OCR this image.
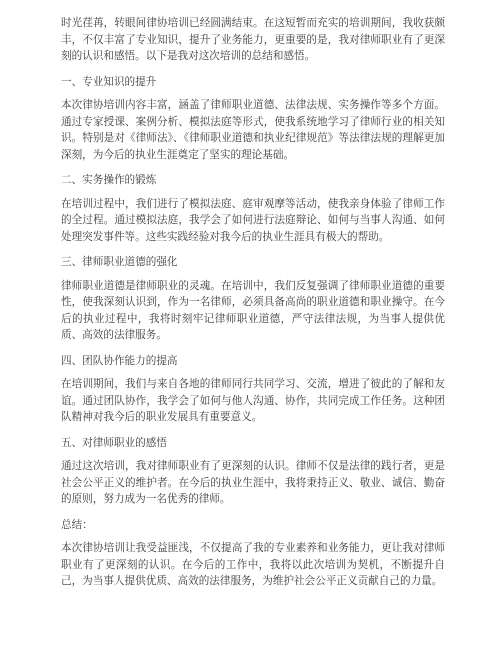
时光荏苒，转眼间律协培训已经圆满结束。在这短暂而充实的培训期间，我收获颇丰，不仅丰富了专业知识，提升了业务能力，更重要的是，我对律师职业有了更深刻的认识和感悟。以下是我对这次培训的总结和感悟。

一、专业知识的提升

本次律协培训内容丰富，涵盖了律师职业道德、法律法规、实务操作等多个方面。通过专家授课、案例分析、模拟法庭等形式，使我系统地学习了律师行业的相关知识。特别是对《律师法》、《律师职业道德和执业纪律规范》等法律法规的理解更加深刻，为今后的执业生涯奠定了坚实的理论基础。

二、实务操作的锻炼

在培训过程中，我们进行了模拟法庭、庭审观摩等活动，使我亲身体验了律师工作的全过程。通过模拟法庭，我学会了如何进行法庭辩论、如何与当事人沟通、如何处理突发事件等。这些实践经验对我今后的执业生涯具有极大的帮助。

三、律师职业道德的强化

律师职业道德是律师职业的灵魂。在培训中，我们反复强调了律师职业道德的重要性，使我深刻认识到，作为一名律师，必须具备高尚的职业道德和职业操守。在今后的执业过程中，我将时刻牢记律师职业道德，严守法律法规，为当事人提供优质、高效的法律服务。

四、团队协作能力的提高

在培训期间，我们与来自各地的律师同行共同学习、交流，增进了彼此的了解和友谊。通过团队协作，我学会了如何与他人沟通、协作，共同完成工作任务。这种团队精神对我今后的职业发展具有重要意义。

五、对律师职业的感悟

通过这次培训，我对律师职业有了更深刻的认识。律师不仅是法律的践行者，更是社会公平正义的维护者。在今后的执业生涯中，我将秉持正义、敬业、诚信、勤奋的原则，努力成为一名优秀的律师。

总结：

本次律协培训让我受益匪浅，不仅提高了我的专业素养和业务能力，更让我对律师职业有了更深刻的认识。在今后的工作中，我将以此次培训为契机，不断提升自己，为当事人提供优质、高效的法律服务，为维护社会公平正义贡献自己的力量。
